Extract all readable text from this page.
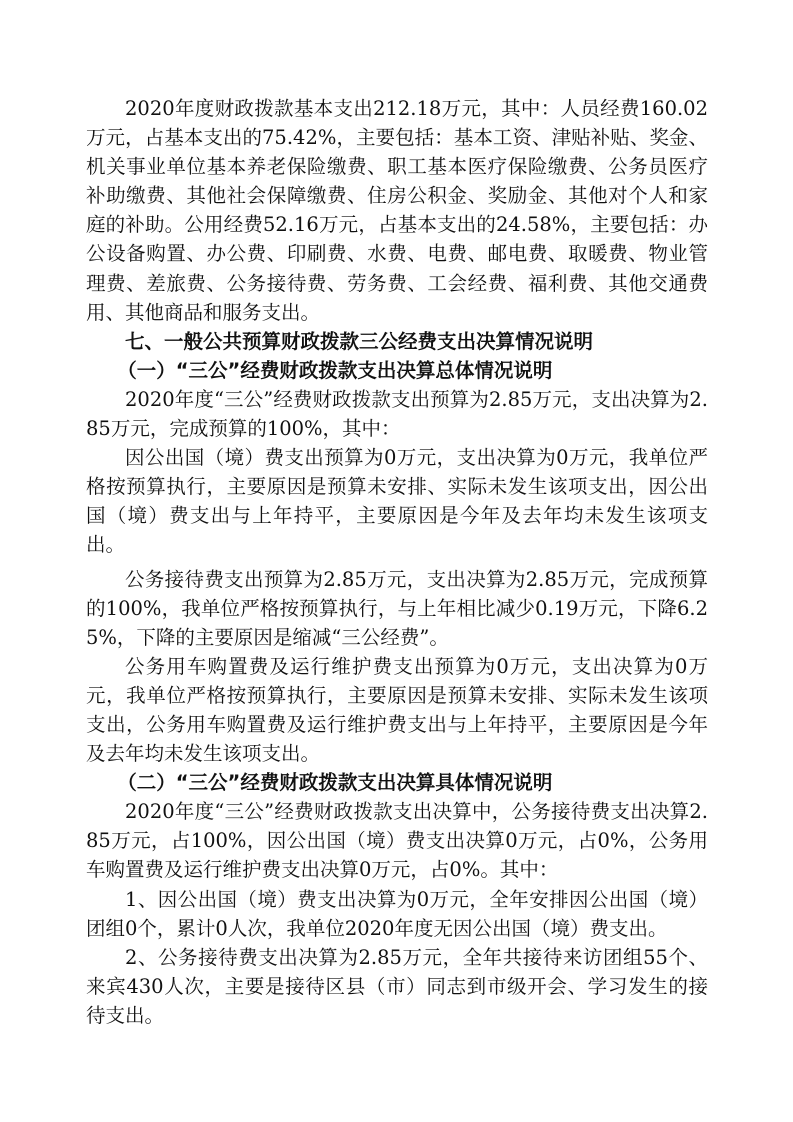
2020年度财政拨款基本支出212.18万元，其中：人员经费160.02万元，占基本支出的75.42%，主要包括：基本工资、津贴补贴、奖金、机关事业单位基本养老保险缴费、职工基本医疗保险缴费、公务员医疗补助缴费、其他社会保障缴费、住房公积金、奖励金、其他对个人和家庭的补助。公用经费52.16万元，占基本支出的24.58%，主要包括：办公设备购置、办公费、印刷费、水费、电费、邮电费、取暖费、物业管理费、差旅费、公务接待费、劳务费、工会经费、福利费、其他交通费用、其他商品和服务支出。

七、一般公共预算财政拨款三公经费支出决算情况说明
（一）“三公”经费财政拨款支出决算总体情况说明

2020年度“三公”经费财政拨款支出预算为2.85万元，支出决算为2.85万元，完成预算的100%，其中：

因公出国（境）费支出预算为0万元，支出决算为0万元，我单位严格按预算执行，主要原因是预算未安排、实际未发生该项支出，因公出国（境）费支出与上年持平，主要原因是今年及去年均未发生该项支出。

公务接待费支出预算为2.85万元，支出决算为2.85万元，完成预算的100%，我单位严格按预算执行，与上年相比减少0.19万元，下降6.25%，下降的主要原因是缩减“三公经费”。

公务用车购置费及运行维护费支出预算为0万元，支出决算为0万元，我单位严格按预算执行，主要原因是预算未安排、实际未发生该项支出，公务用车购置费及运行维护费支出与上年持平，主要原因是今年及去年均未发生该项支出。

（二）“三公”经费财政拨款支出决算具体情况说明

2020年度“三公”经费财政拨款支出决算中，公务接待费支出决算2.85万元，占100%，因公出国（境）费支出决算0万元，占0%，公务用车购置费及运行维护费支出决算0万元，占0%。其中：

1、因公出国（境）费支出决算为0万元，全年安排因公出国（境）团组0个，累计0人次，我单位2020年度无因公出国（境）费支出。

2、公务接待费支出决算为2.85万元，全年共接待来访团组55个、来宾430人次，主要是接待区县（市）同志到市级开会、学习发生的接待支出。
